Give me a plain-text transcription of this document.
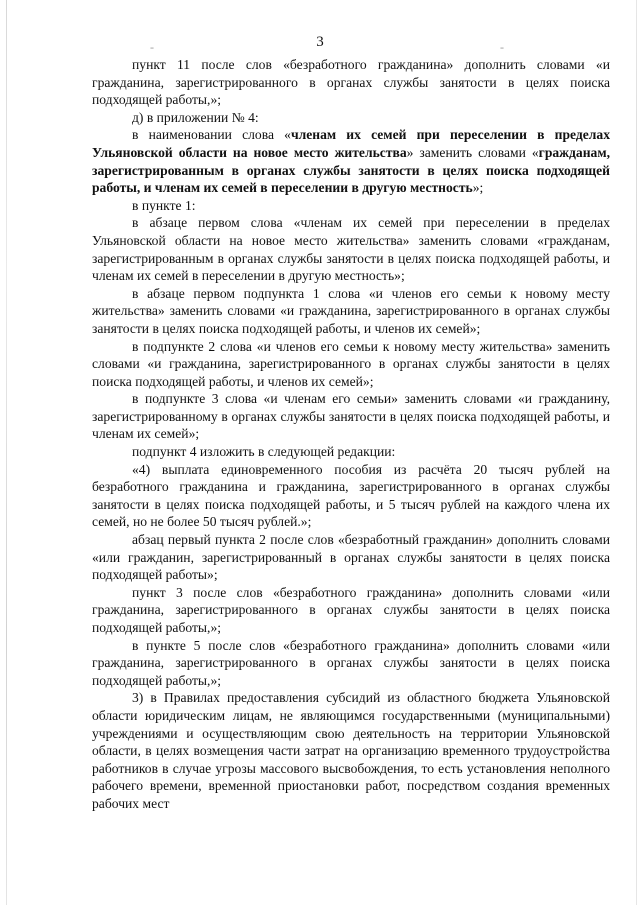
-	-
3

пункт 11 после слов «безработного гражданина» дополнить словами «и гражданина, зарегистрированного в органах службы занятости в целях поиска подходящей работы,»;

д) в приложении № 4:

в наименовании слова «членам их семей при переселении в пределах Ульяновской области на новое место жительства» заменить словами «гражданам, зарегистрированным в органах службы занятости в целях поиска подходящей работы, и членам их семей в переселении в другую местность»;

в пункте 1:

в абзаце первом слова «членам их семей при переселении в пределах Ульяновской области на новое место жительства» заменить словами «гражданам, зарегистрированным в органах службы занятости в целях поиска подходящей работы, и членам их семей в переселении в другую местность»;

в абзаце первом подпункта 1 слова «и членов его семьи к новому месту жительства» заменить словами «и гражданина, зарегистрированного в органах службы занятости в целях поиска подходящей работы, и членов их семей»;

в подпункте 2 слова «и членов его семьи к новому месту жительства» заменить словами «и гражданина, зарегистрированного в органах службы занятости в целях поиска подходящей работы, и членов их семей»;

в подпункте 3 слова «и членам его семьи» заменить словами «и гражданину, зарегистрированному в органах службы занятости в целях поиска подходящей работы, и членам их семей»;

подпункт 4 изложить в следующей редакции:

«4) выплата единовременного пособия из расчёта 20 тысяч рублей на безработного гражданина и гражданина, зарегистрированного в органах службы занятости в целях поиска подходящей работы, и 5 тысяч рублей на каждого члена их семей, но не более 50 тысяч рублей.»;

абзац первый пункта 2 после слов «безработный гражданин» дополнить словами «или гражданин, зарегистрированный в органах службы занятости в целях поиска подходящей работы»;

пункт 3 после слов «безработного гражданина» дополнить словами «или гражданина, зарегистрированного в органах службы занятости в целях поиска подходящей работы,»;

в пункте 5 после слов «безработного гражданина» дополнить словами «или гражданина, зарегистрированного в органах службы занятости в целях поиска подходящей работы,»;

3) в Правилах предоставления субсидий из областного бюджета Ульяновской области юридическим лицам, не являющимся государственными (муниципальными) учреждениями и осуществляющим свою деятельность на территории Ульяновской области, в целях возмещения части затрат на организацию временного трудоустройства работников в случае угрозы массового высвобождения, то есть установления неполного рабочего времени, временной приостановки работ, посредством создания временных рабочих мест
